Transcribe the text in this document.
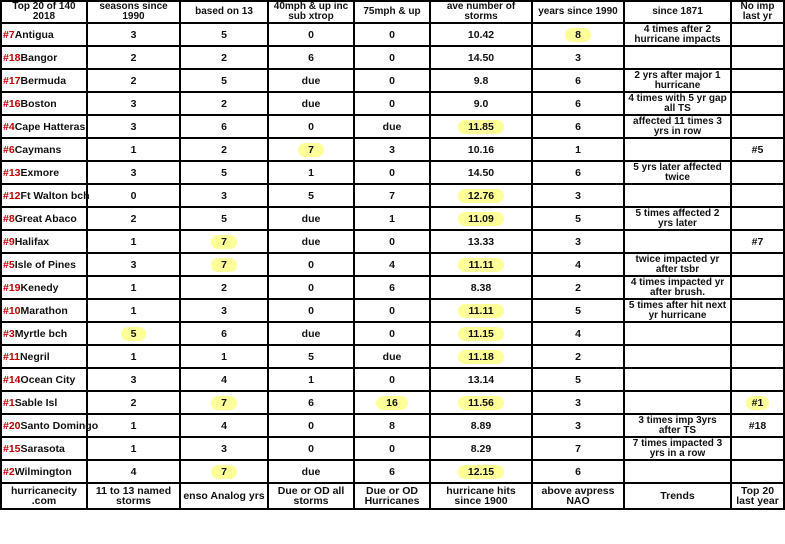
Top 20 of 140 2018	seasons since 1990	based on 13	40mph & up inc sub xtrop	75mph & up	ave number of storms	years since 1990	since 1871	No imp last yr
#7Antigua	3	5	0	0	10.42	8	4 times after 2 hurricane impacts	
#18Bangor	2	2	6	0	14.50	3		
#17Bermuda	2	5	due	0	9.8	6	2 yrs after major 1 hurricane	
#16Boston	3	2	due	0	9.0	6	4 times with 5 yr gap all TS	
#4Cape Hatteras	3	6	0	due	11.85	6	affected 11 times 3 yrs in row	
#6Caymans	1	2	7	3	10.16	1		#5
#13Exmore	3	5	1	0	14.50	6	5 yrs later affected twice	
#12Ft Walton bch	0	3	5	7	12.76	3		
#8Great Abaco	2	5	due	1	11.09	5	5 times affected 2 yrs later	
#9Halifax	1	7	due	0	13.33	3		#7
#5Isle of Pines	3	7	0	4	11.11	4	twice impacted yr after tsbr	
#19Kenedy	1	2	0	6	8.38	2	4 times impacted yr after brush.	
#10Marathon	1	3	0	0	11.11	5	5 times after hit next yr hurricane	
#3Myrtle bch	5	6	due	0	11.15	4		
#11Negril	1	1	5	due	11.18	2		
#14Ocean City	3	4	1	0	13.14	5		
#1Sable Isl	2	7	6	16	11.56	3		#1
#20Santo Domingo	1	4	0	8	8.89	3	3 times imp 3yrs after TS	#18
#15Sarasota	1	3	0	0	8.29	7	7 times impacted 3 yrs in a row	
#2Wilmington	4	7	due	6	12.15	6		
hurricanecity .com	11 to 13 named storms	enso Analog yrs	Due or OD all storms	Due or OD Hurricanes	hurricane hits since 1900	above avpress NAO	Trends	Top 20 last year
